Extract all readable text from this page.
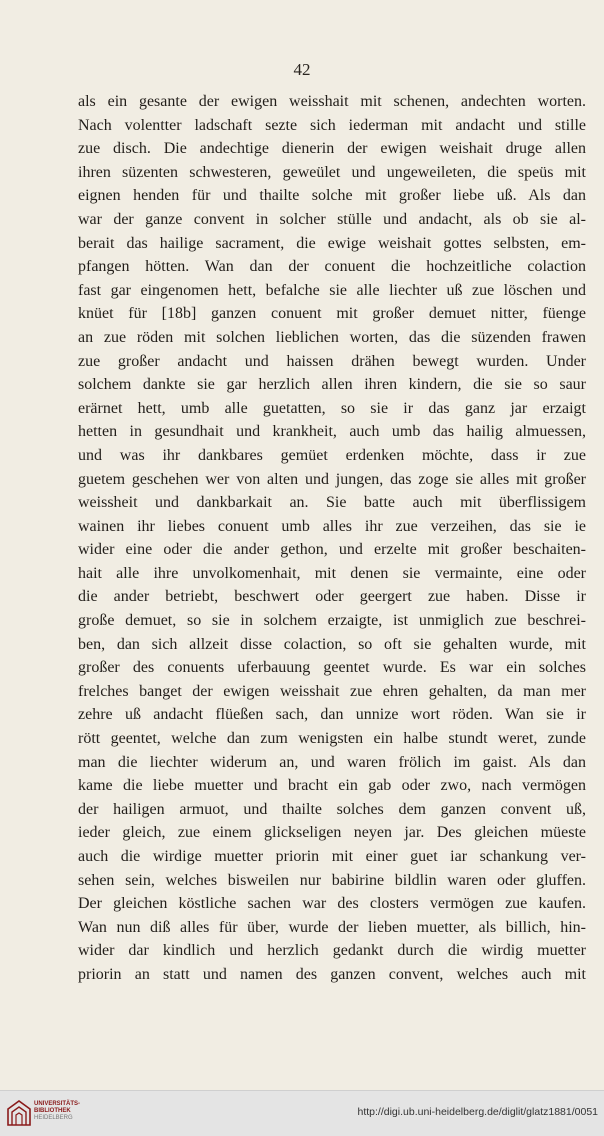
42
als ein gesante der ewigen weisshait mit schenen, andechten worten.
Nach volentter ladschaft sezte sich iederman mit andacht und stille
zue disch. Die andechtige dienerin der ewigen weishait druge allen
ihren süzenten schwesteren, geweület und ungeweileten, die speüs mit
eignen henden für und thailte solche mit großer liebe uß. Als dan
war der ganze convent in solcher stülle und andacht, als ob sie al-
berait das hailige sacrament, die ewige weishait gottes selbsten, em-
pfangen hötten. Wan dan der conuent die hochzeitliche colaction
fast gar eingenomen hett, befalche sie alle liechter uß zue löschen und
knüet für [18b] ganzen conuent mit großer demuet nitter, füenge
an zue röden mit solchen lieblichen worten, das die süzenden frawen
zue großer andacht und haissen drähen bewegt wurden. Under
solchem dankte sie gar herzlich allen ihren kindern, die sie so saur
erärnet hett, umb alle guetatten, so sie ir das ganz jar erzaigt
hetten in gesundhait und krankheit, auch umb das hailig almuessen,
und was ihr dankbares gemüet erdenken möchte, dass ir zue
guetem geschehen wer von alten und jungen, das zoge sie alles mit großer
weissheit und dankbarkait an. Sie batte auch mit überflissigem
wainen ihr liebes conuent umb alles ihr zue verzeihen, das sie ie
wider eine oder die ander gethon, und erzelte mit großer beschaiten-
hait alle ihre unvolkomenhait, mit denen sie vermainte, eine oder
die ander betriebt, beschwert oder geergert zue haben. Disse ir
große demuet, so sie in solchem erzaigte, ist unmiglich zue beschrei-
ben, dan sich allzeit disse colaction, so oft sie gehalten wurde, mit
großer des conuents uferbauung geentet wurde. Es war ein solches
frelches banget der ewigen weisshait zue ehren gehalten, da man mer
zehre uß andacht flüeßen sach, dan unnize wort röden. Wan sie ir
rött geentet, welche dan zum wenigsten ein halbe stundt weret, zunde
man die liechter widerum an, und waren frölich im gaist. Als dan
kame die liebe muetter und bracht ein gab oder zwo, nach vermögen
der hailigen armuot, und thailte solches dem ganzen convent uß,
ieder gleich, zue einem glickseligen neyen jar. Des gleichen müeste
auch die wirdige muetter priorin mit einer guet iar schankung ver-
sehen sein, welches bisweilen nur babirine bildlin waren oder gluffen.
Der gleichen köstliche sachen war des closters vermögen zue kaufen.
Wan nun diß alles für über, wurde der lieben muetter, als billich, hin-
wider dar kindlich und herzlich gedankt durch die wirdig muetter
priorin an statt und namen des ganzen convent, welches auch mit
UNIVERSITÄTS-
BIBLIOTHEK
HEIDELBERG	http://digi.ub.uni-heidelberg.de/diglit/glatz1881/0051
